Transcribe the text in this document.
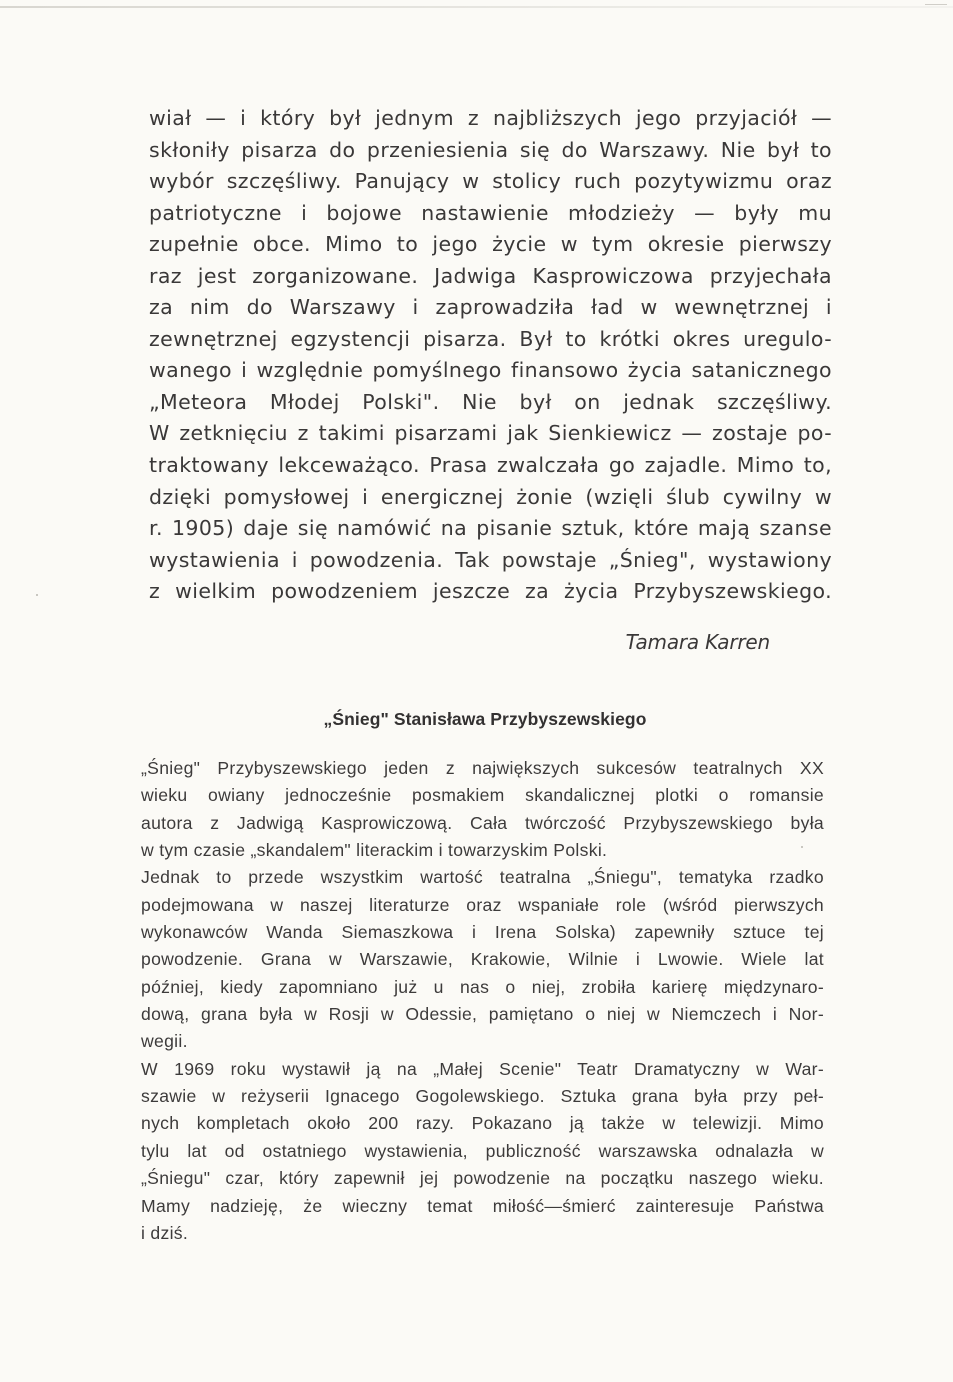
wiał — i który był jednym z najbliższych jego przyjaciół —
skłoniły pisarza do przeniesienia się do Warszawy. Nie był to
wybór szczęśliwy. Panujący w stolicy ruch pozytywizmu oraz
patriotyczne i bojowe nastawienie młodzieży — były mu
zupełnie obce. Mimo to jego życie w tym okresie pierwszy
raz jest zorganizowane. Jadwiga Kasprowiczowa przyjechała
za nim do Warszawy i zaprowadziła ład w wewnętrznej i
zewnętrznej egzystencji pisarza. Był to krótki okres uregulo-
wanego i względnie pomyślnego finansowo życia satanicznego
„Meteora Młodej Polski". Nie był on jednak szczęśliwy.
W zetknięciu z takimi pisarzami jak Sienkiewicz — zostaje po-
traktowany lekceważąco. Prasa zwalczała go zajadle. Mimo to,
dzięki pomysłowej i energicznej żonie (wzięli ślub cywilny w
r. 1905) daje się namówić na pisanie sztuk, które mają szanse
wystawienia i powodzenia. Tak powstaje „Śnieg", wystawiony
z wielkim powodzeniem jeszcze za życia Przybyszewskiego.
Tamara Karren
„Śnieg" Stanisława Przybyszewskiego
„Śnieg" Przybyszewskiego jeden z największych sukcesów teatralnych XX
wieku owiany jednocześnie posmakiem skandalicznej plotki o romansie
autora z Jadwigą Kasprowiczową. Cała twórczość Przybyszewskiego była
w tym czasie „skandalem" literackim i towarzyskim Polski.
Jednak to przede wszystkim wartość teatralna „Śniegu", tematyka rzadko
podejmowana w naszej literaturze oraz wspaniałe role (wśród pierwszych
wykonawców Wanda Siemaszkowa i Irena Solska) zapewniły sztuce tej
powodzenie. Grana w Warszawie, Krakowie, Wilnie i Lwowie. Wiele lat
później, kiedy zapomniano już u nas o niej, zrobiła karierę międzynaro-
dową, grana była w Rosji w Odessie, pamiętano o niej w Niemczech i Nor-
wegii.
W 1969 roku wystawił ją na „Małej Scenie" Teatr Dramatyczny w War-
szawie w reżyserii Ignacego Gogolewskiego. Sztuka grana była przy peł-
nych kompletach około 200 razy. Pokazano ją także w telewizji. Mimo
tylu lat od ostatniego wystawienia, publiczność warszawska odnalazła w
„Śniegu" czar, który zapewnił jej powodzenie na początku naszego wieku.
Mamy nadzieję, że wieczny temat miłość—śmierć zainteresuje Państwa
i dziś.
